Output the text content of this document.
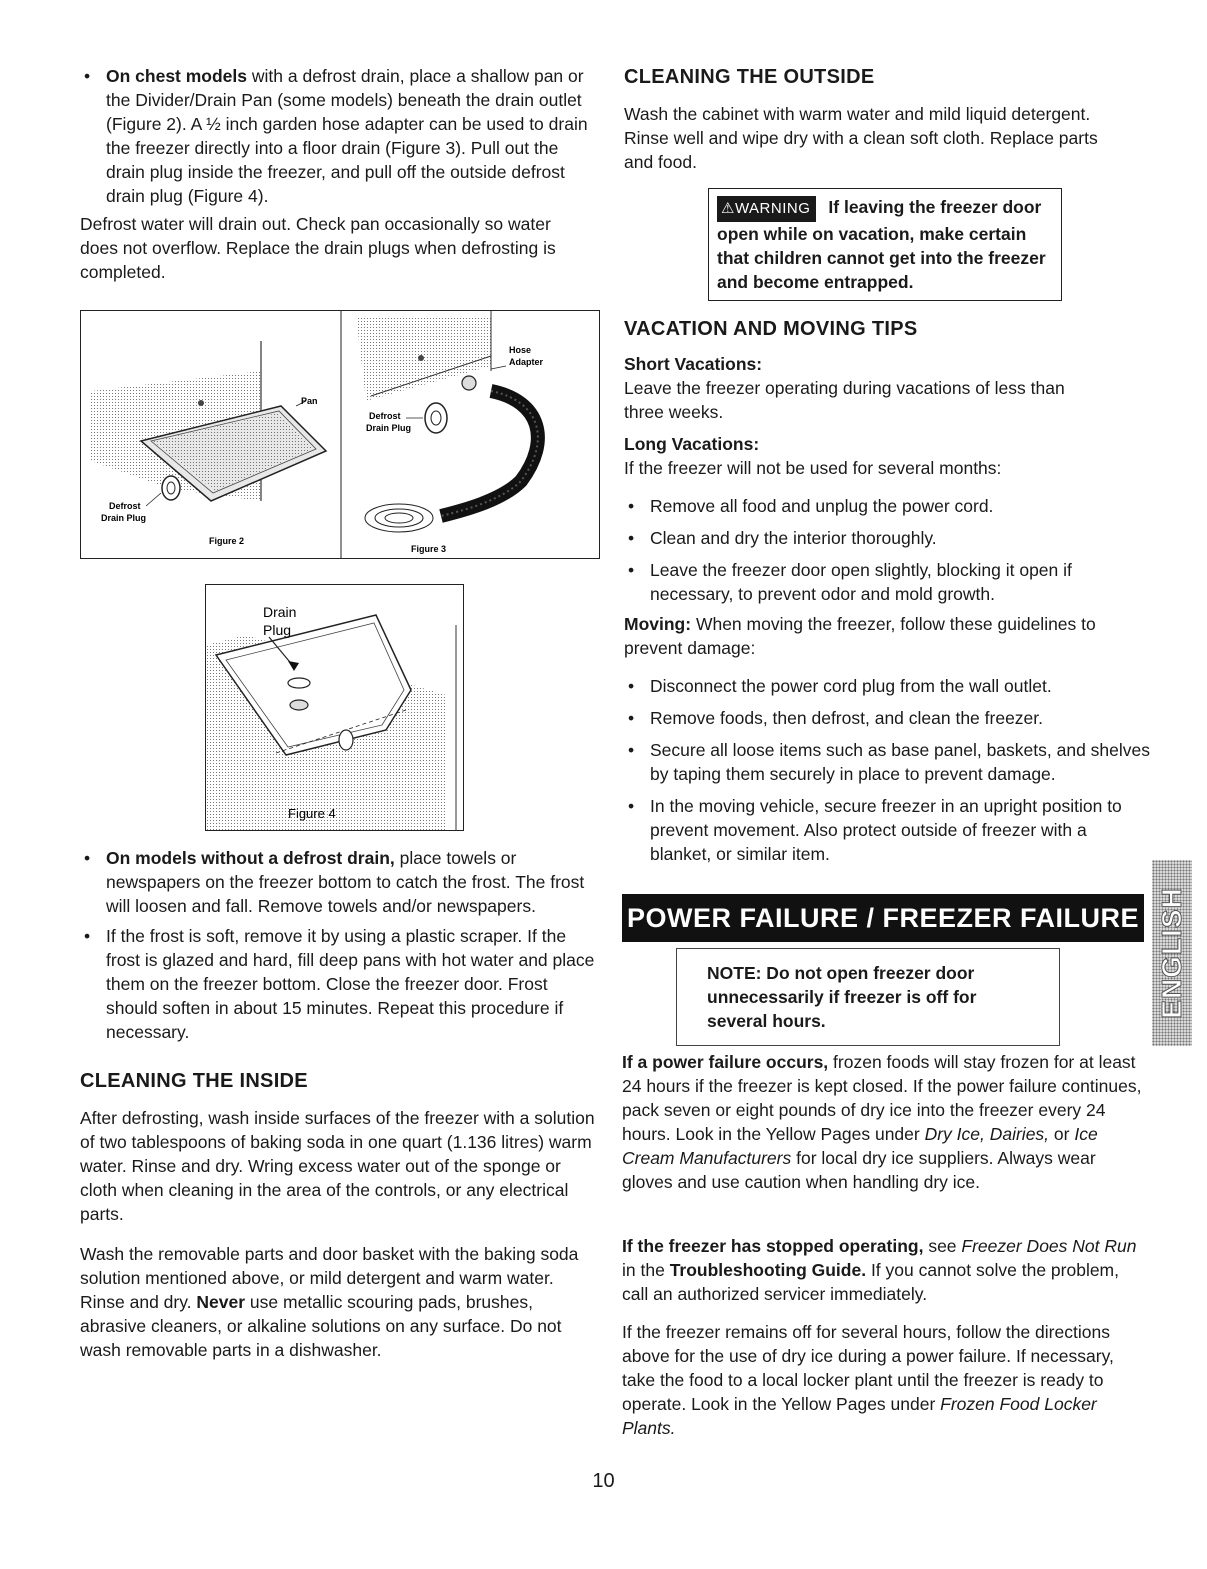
• On chest models with a defrost drain, place a shallow pan or the Divider/Drain Pan (some models) beneath the drain outlet (Figure 2). A ½ inch garden hose adapter can be used to drain the freezer directly into a floor drain (Figure 3). Pull out the drain plug inside the freezer, and pull off the outside defrost drain plug (Figure 4).

Defrost water will drain out. Check pan occasionally so water does not overflow. Replace the drain plugs when defrosting is completed.

Pan
Defrost
Drain Plug
Figure 2
Hose
Adapter
Defrost
Drain Plug
Figure 3
Drain
Plug
Figure 4
• On models without a defrost drain, place towels or newspapers on the freezer bottom to catch the frost. The frost will loosen and fall. Remove towels and/or newspapers.
• If the frost is soft, remove it by using a plastic scraper. If the frost is glazed and hard, fill deep pans with hot water and place them on the freezer bottom. Close the freezer door. Frost should soften in about 15 minutes. Repeat this procedure if necessary.
CLEANING THE INSIDE

After defrosting, wash inside surfaces of the freezer with a solution of two tablespoons of baking soda in one quart (1.136 litres) warm water. Rinse and dry. Wring excess water out of the sponge or cloth when cleaning in the area of the controls, or any electrical parts.

Wash the removable parts and door basket with the baking soda solution mentioned above, or mild detergent and warm water. Rinse and dry. Never use metallic scouring pads, brushes, abrasive cleaners, or alkaline solutions on any surface. Do not wash removable parts in a dishwasher.

CLEANING THE OUTSIDE

Wash the cabinet with warm water and mild liquid detergent. Rinse well and wipe dry with a clean soft cloth. Replace parts and food.

⚠WARNING If leaving the freezer door open while on vacation, make certain that children cannot get into the freezer and become entrapped.
VACATION AND MOVING TIPS
Short Vacations:

Leave the freezer operating during vacations of less than three weeks.

Long Vacations:

If the freezer will not be used for several months:

• Remove all food and unplug the power cord.
• Clean and dry the interior thoroughly.
• Leave the freezer door open slightly, blocking it open if necessary, to prevent odor and mold growth.

Moving: When moving the freezer, follow these guidelines to prevent damage:

• Disconnect the power cord plug from the wall outlet.
• Remove foods, then defrost, and clean the freezer.
• Secure all loose items such as base panel, baskets, and shelves by taping them securely in place to prevent damage.
• In the moving vehicle, secure freezer in an upright position to prevent movement. Also protect outside of freezer with a blanket, or similar item.
POWER FAILURE / FREEZER FAILURE
NOTE: Do not open freezer door unnecessarily if freezer is off for several hours.

If a power failure occurs, frozen foods will stay frozen for at least 24 hours if the freezer is kept closed. If the power failure continues, pack seven or eight pounds of dry ice into the freezer every 24 hours. Look in the Yellow Pages under Dry Ice, Dairies, or Ice Cream Manufacturers for local dry ice suppliers. Always wear gloves and use caution when handling dry ice.

If the freezer has stopped operating, see Freezer Does Not Run in the Troubleshooting Guide. If you cannot solve the problem, call an authorized servicer immediately.

If the freezer remains off for several hours, follow the directions above for the use of dry ice during a power failure. If necessary, take the food to a local locker plant until the freezer is ready to operate. Look in the Yellow Pages under Frozen Food Locker Plants.

ENGLISH
10
